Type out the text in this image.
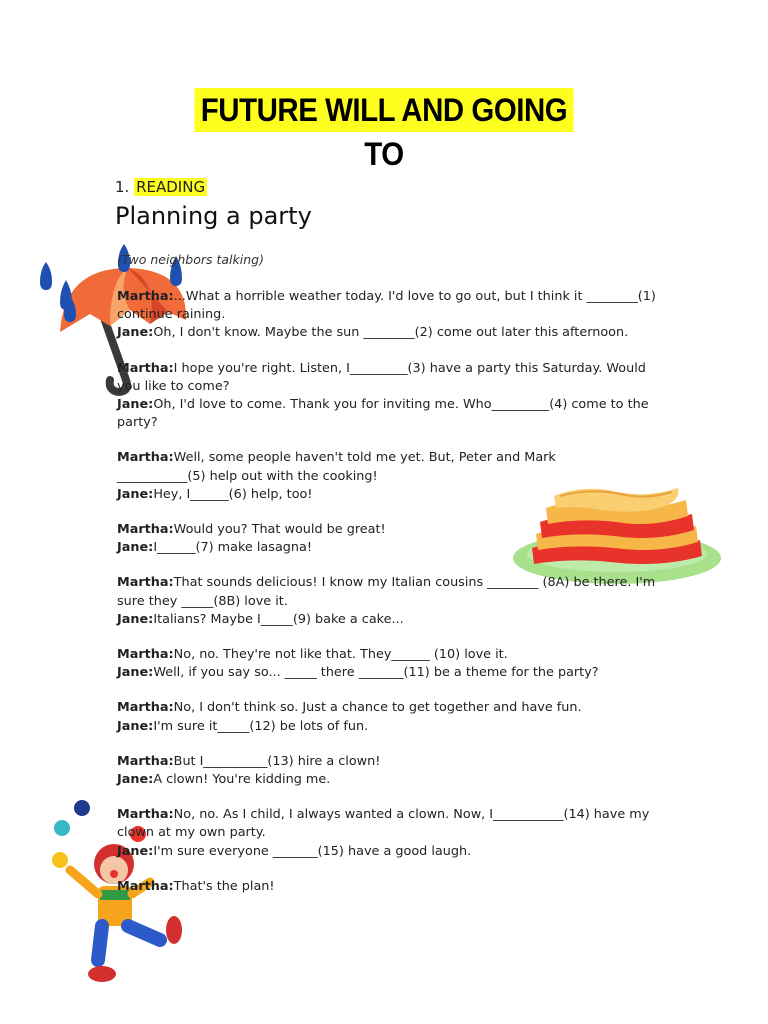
FUTURE WILL AND GOING TO
1. READING
Planning a party
(Two neighbors talking)
Martha:...What a horrible weather today. I'd love to go out, but I think it ________(1) continue raining.
Jane:Oh, I don't know. Maybe the sun ________(2) come out later this afternoon.
Martha:I hope you're right. Listen, I_________(3) have a party this Saturday. Would you like to come?
Jane:Oh, I'd love to come. Thank you for inviting me. Who_________(4) come to the party?
Martha:Well, some people haven't told me yet. But, Peter and Mark ___________(5) help out with the cooking!
Jane:Hey, I______(6) help, too!
Martha:Would you? That would be great!
Jane:I______(7) make lasagna!
Martha:That sounds delicious! I know my Italian cousins ________ (8A) be there. I'm sure they _____(8B) love it.
Jane:Italians? Maybe I_____(9) bake a cake...
Martha:No, no. They're not like that. They______ (10) love it.
Jane:Well, if you say so... _____ there _______(11) be a theme for the party?
Martha:No, I don't think so. Just a chance to get together and have fun.
Jane:I'm sure it_____(12) be lots of fun.
Martha:But I__________(13) hire a clown!
Jane:A clown! You're kidding me.
Martha:No, no. As I child, I always wanted a clown. Now, I___________(14) have my clown at my own party.
Jane:I'm sure everyone _______(15) have a good laugh.
Martha:That's the plan!
